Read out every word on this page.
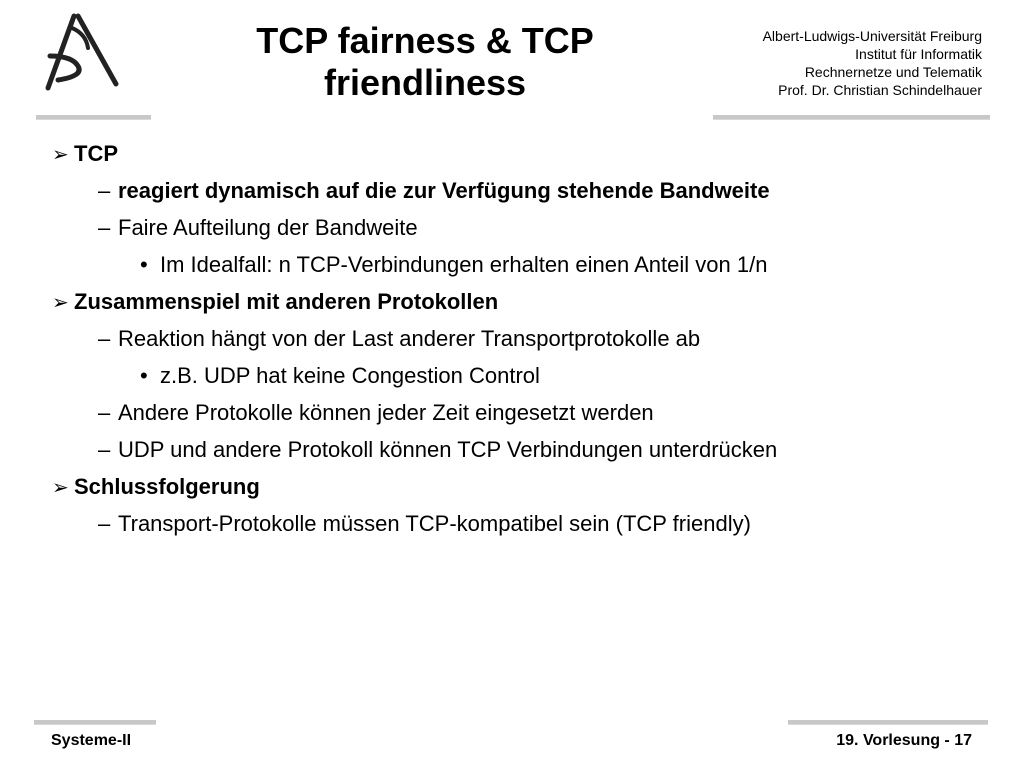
TCP fairness & TCP
friendliness
Albert-Ludwigs-Universität Freiburg
Institut für Informatik
Rechnernetze und Telematik
Prof. Dr. Christian Schindelhauer
➢ TCP
– reagiert dynamisch auf die zur Verfügung stehende Bandweite
– Faire Aufteilung der Bandweite
• Im Idealfall: n TCP-Verbindungen erhalten einen Anteil von 1/n
➢ Zusammenspiel mit anderen Protokollen
– Reaktion hängt von der Last anderer Transportprotokolle ab
• z.B. UDP hat keine Congestion Control
– Andere Protokolle können jeder Zeit eingesetzt werden
– UDP und andere Protokoll können TCP Verbindungen unterdrücken
➢ Schlussfolgerung
– Transport-Protokolle müssen TCP-kompatibel sein (TCP friendly)
Systeme-II	19. Vorlesung - 17
